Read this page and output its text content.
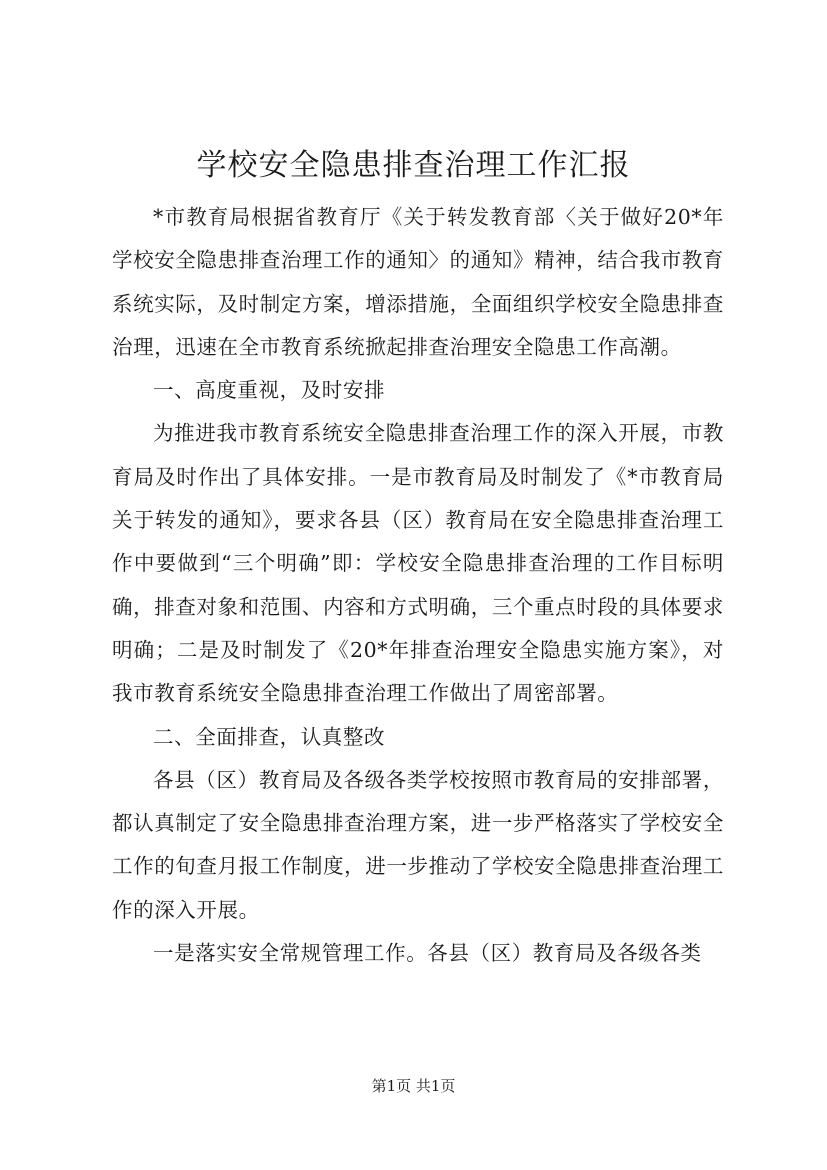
学校安全隐患排查治理工作汇报

*市教育局根据省教育厅《关于转发教育部〈关于做好20*年学校安全隐患排查治理工作的通知〉的通知》精神，结合我市教育系统实际，及时制定方案，增添措施，全面组织学校安全隐患排查治理，迅速在全市教育系统掀起排查治理安全隐患工作高潮。

一、高度重视，及时安排

为推进我市教育系统安全隐患排查治理工作的深入开展，市教育局及时作出了具体安排。一是市教育局及时制发了《*市教育局关于转发的通知》，要求各县（区）教育局在安全隐患排查治理工作中要做到“三个明确”即：学校安全隐患排查治理的工作目标明确，排查对象和范围、内容和方式明确，三个重点时段的具体要求明确；二是及时制发了《20*年排查治理安全隐患实施方案》，对我市教育系统安全隐患排查治理工作做出了周密部署。

二、全面排查，认真整改

各县（区）教育局及各级各类学校按照市教育局的安排部署，都认真制定了安全隐患排查治理方案，进一步严格落实了学校安全工作的旬查月报工作制度，进一步推动了学校安全隐患排查治理工作的深入开展。

一是落实安全常规管理工作。各县（区）教育局及各级各类

第1页 共1页
